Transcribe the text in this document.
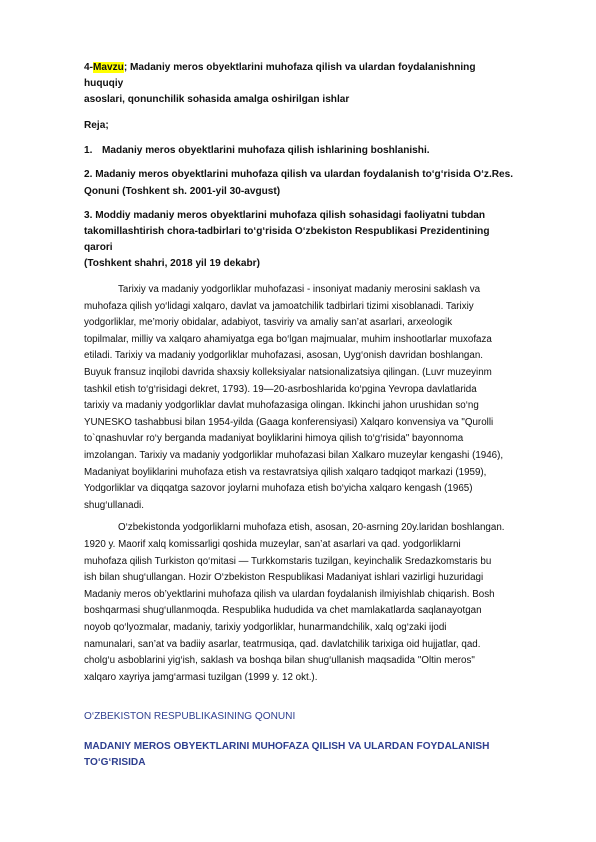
4-Mavzu; Madaniy meros obyektlarini muhofaza qilish va ulardan foydalanishning huquqiy
asoslari, qonunchilik sohasida amalga oshirilgan ishlar

Reja;

1. Madaniy meros obyektlarini muhofaza qilish ishlarining boshlanishi.

2. Madaniy meros obyektlarini muhofaza qilish va ulardan foydalanish to‘g‘risida O‘z.Res.
Qonuni (Toshkent sh. 2001-yil 30-avgust)

3. Moddiy madaniy meros obyektlarini muhofaza qilish sohasidagi faoliyatni tubdan
takomillashtirish chora-tadbirlari to‘g‘risida O‘zbekiston Respublikasi Prezidentining qarori
(Toshkent shahri, 2018 yil 19 dekabr)

Tarixiy va madaniy yodgorliklar muhofazasi - insoniyat madaniy merosini saklash va
muhofaza qilish yo‘lidagi xalqaro, davlat va jamoatchilik tadbirlari tizimi xisoblanadi. Tarixiy
yodgorliklar, me’moriy obidalar, adabiyot, tasviriy va amaliy san’at asarlari, arxeologik
topilmalar, milliy va xalqaro ahamiyatga ega bo‘lgan majmualar, muhim inshootlarlar muxofaza
etiladi. Tarixiy va madaniy yodgorliklar muhofazasi, asosan, Uyg‘onish davridan boshlangan.
Buyuk fransuz inqilobi davrida shaxsiy kolleksiyalar natsionalizatsiya qilingan. (Luvr muzeyinm
tashkil etish to‘g‘risidagi dekret, 1793). 19—20-asrboshlarida ko‘pgina Yevropa davlatlarida
tarixiy va madaniy yodgorliklar davlat muhofazasiga olingan. Ikkinchi jahon urushidan so‘ng
YUNESKO tashabbusi bilan 1954-yilda (Gaaga konferensiyasi) Xalqaro konvensiya va "Qurolli
to`qnashuvlar ro‘y berganda madaniyat boyliklarini himoya qilish to‘g‘risida" bayonnoma
imzolangan. Tarixiy va madaniy yodgorliklar muhofazasi bilan Xalkaro muzeylar kengashi (1946),
Madaniyat boyliklarini muhofaza etish va restavratsiya qilish xalqaro tadqiqot markazi (1959),
Yodgorliklar va diqqatga sazovor joylarni muhofaza etish bo‘yicha xalqaro kengash (1965)
shug‘ullanadi.
O‘zbekistonda yodgorliklarni muhofaza etish, asosan, 20-asrning 20y.laridan boshlangan.
1920 y. Maorif xalq komissarligi qoshida muzeylar, san’at asarlari va qad. yodgorliklarni
muhofaza qilish Turkiston qo‘mitasi — Turkkomstaris tuzilgan, keyinchalik Sredazkomstaris bu
ish bilan shug‘ullangan. Hozir O‘zbekiston Respublikasi Madaniyat ishlari vazirligi huzuridagi
Madaniy meros ob’yektlarini muhofaza qilish va ulardan foydalanish ilmiyishlab chiqarish. Bosh
boshqarmasi shug‘ullanmoqda. Respublika hududida va chet mamlakatlarda saqlanayotgan
noyob qo‘lyozmalar, madaniy, tarixiy yodgorliklar, hunarmandchilik, xalq og‘zaki ijodi
namunalari, san’at va badiiy asarlar, teatrmusiqa, qad. davlatchilik tarixiga oid hujjatlar, qad.
cholg‘u asboblarini yig‘ish, saklash va boshqa bilan shug‘ullanish maqsadida "Oltin meros"
xalqaro xayriya jamg‘armasi tuzilgan (1999 y. 12 okt.).

O‘ZBEKISTON RESPUBLIKASINING QONUNI

MADANIY MEROS OBYEKTLARINI MUHOFAZA QILISH VA ULARDAN FOYDALANISH
TO‘G‘RISIDA
